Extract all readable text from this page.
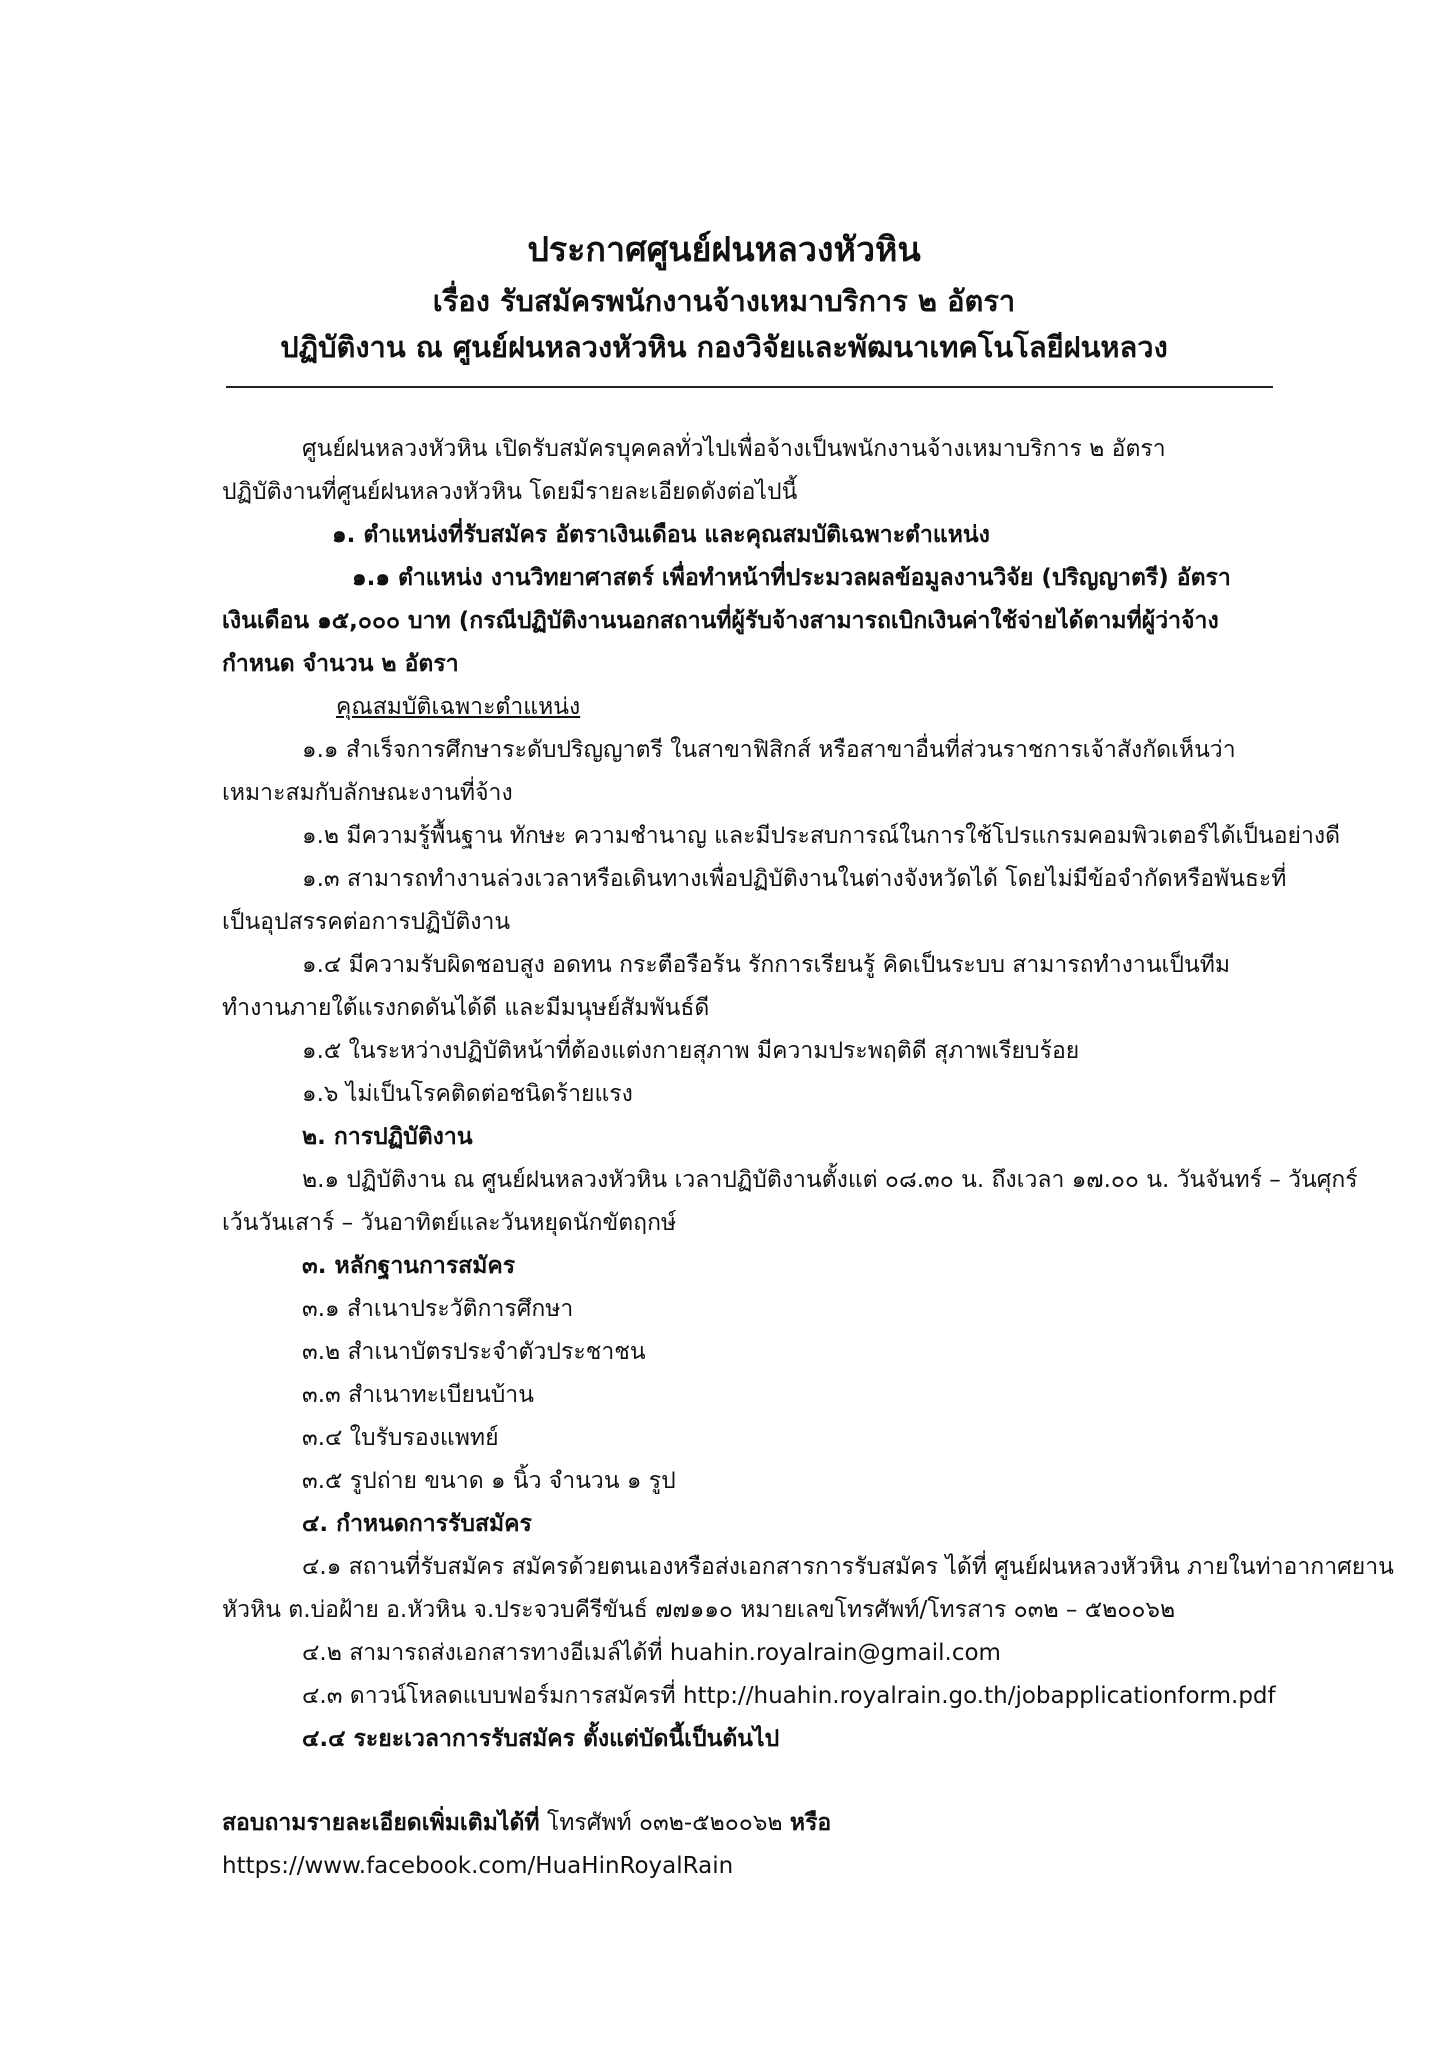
ประกาศศูนย์ฝนหลวงหัวหิน
เรื่อง รับสมัครพนักงานจ้างเหมาบริการ ๒ อัตรา
ปฏิบัติงาน ณ ศูนย์ฝนหลวงหัวหิน กองวิจัยและพัฒนาเทคโนโลยีฝนหลวง
ศูนย์ฝนหลวงหัวหิน เปิดรับสมัครบุคคลทั่วไปเพื่อจ้างเป็นพนักงานจ้างเหมาบริการ ๒ อัตรา
ปฏิบัติงานที่ศูนย์ฝนหลวงหัวหิน โดยมีรายละเอียดดังต่อไปนี้
๑. ตำแหน่งที่รับสมัคร อัตราเงินเดือน และคุณสมบัติเฉพาะตำแหน่ง
๑.๑ ตำแหน่ง งานวิทยาศาสตร์ เพื่อทำหน้าที่ประมวลผลข้อมูลงานวิจัย (ปริญญาตรี) อัตรา
เงินเดือน ๑๕,๐๐๐ บาท (กรณีปฏิบัติงานนอกสถานที่ผู้รับจ้างสามารถเบิกเงินค่าใช้จ่ายได้ตามที่ผู้ว่าจ้าง
กำหนด จำนวน ๒ อัตรา
คุณสมบัติเฉพาะตำแหน่ง
๑.๑ สำเร็จการศึกษาระดับปริญญาตรี ในสาขาฟิสิกส์ หรือสาขาอื่นที่ส่วนราชการเจ้าสังกัดเห็นว่า
เหมาะสมกับลักษณะงานที่จ้าง
๑.๒ มีความรู้พื้นฐาน ทักษะ ความชำนาญ และมีประสบการณ์ในการใช้โปรแกรมคอมพิวเตอร์ได้เป็นอย่างดี
๑.๓ สามารถทำงานล่วงเวลาหรือเดินทางเพื่อปฏิบัติงานในต่างจังหวัดได้ โดยไม่มีข้อจำกัดหรือพันธะที่
เป็นอุปสรรคต่อการปฏิบัติงาน
๑.๔ มีความรับผิดชอบสูง อดทน กระตือรือร้น รักการเรียนรู้ คิดเป็นระบบ สามารถทำงานเป็นทีม
ทำงานภายใต้แรงกดดันได้ดี และมีมนุษย์สัมพันธ์ดี
๑.๕ ในระหว่างปฏิบัติหน้าที่ต้องแต่งกายสุภาพ มีความประพฤติดี สุภาพเรียบร้อย
๑.๖ ไม่เป็นโรคติดต่อชนิดร้ายแรง
๒. การปฏิบัติงาน
๒.๑ ปฏิบัติงาน ณ ศูนย์ฝนหลวงหัวหิน เวลาปฏิบัติงานตั้งแต่ ๐๘.๓๐ น. ถึงเวลา ๑๗.๐๐ น. วันจันทร์ – วันศุกร์
เว้นวันเสาร์ – วันอาทิตย์และวันหยุดนักขัตฤกษ์
๓. หลักฐานการสมัคร
๓.๑ สำเนาประวัติการศึกษา
๓.๒ สำเนาบัตรประจำตัวประชาชน
๓.๓ สำเนาทะเบียนบ้าน
๓.๔ ใบรับรองแพทย์
๓.๕ รูปถ่าย ขนาด ๑ นิ้ว จำนวน ๑ รูป
๔. กำหนดการรับสมัคร
๔.๑ สถานที่รับสมัคร สมัครด้วยตนเองหรือส่งเอกสารการรับสมัคร ได้ที่ ศูนย์ฝนหลวงหัวหิน ภายในท่าอากาศยาน
หัวหิน ต.บ่อฝ้าย อ.หัวหิน จ.ประจวบคีรีขันธ์ ๗๗๑๑๐ หมายเลขโทรศัพท์/โทรสาร ๐๓๒ – ๕๒๐๐๖๒
๔.๒ สามารถส่งเอกสารทางอีเมล์ได้ที่ huahin.royalrain@gmail.com
๔.๓ ดาวน์โหลดแบบฟอร์มการสมัครที่ http://huahin.royalrain.go.th/jobapplicationform.pdf
๔.๔ ระยะเวลาการรับสมัคร ตั้งแต่บัดนี้เป็นต้นไป
สอบถามรายละเอียดเพิ่มเติมได้ที่ โทรศัพท์ ๐๓๒-๕๒๐๐๖๒ หรือ
https://www.facebook.com/HuaHinRoyalRain
